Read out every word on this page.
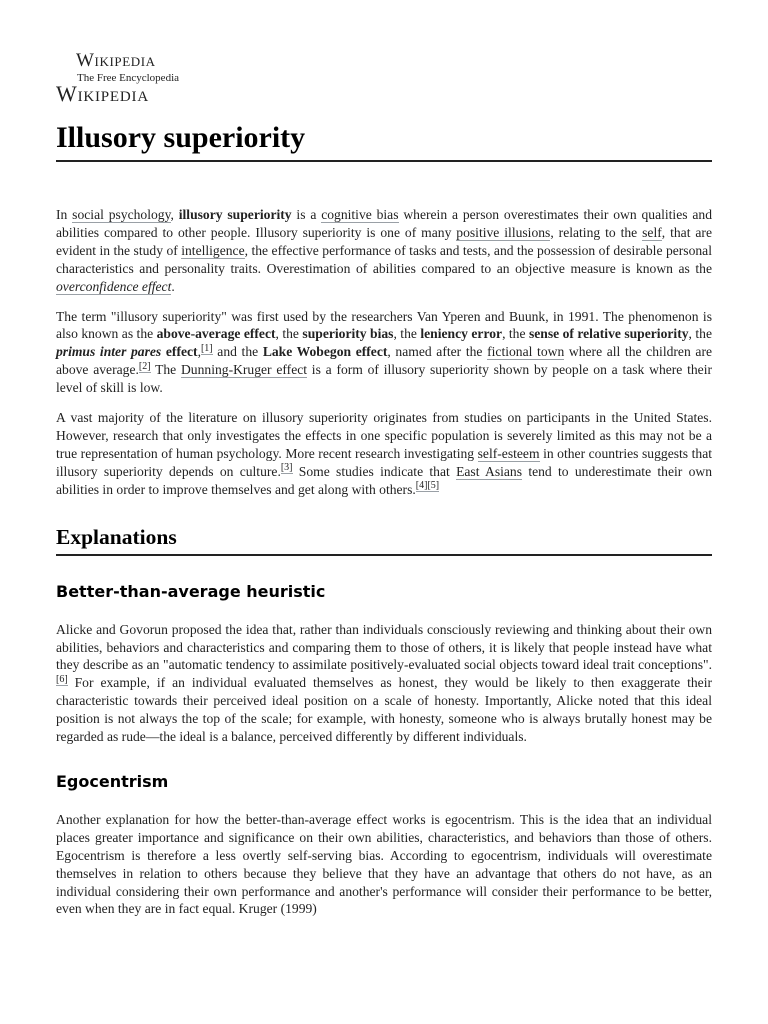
Wikipedia
The Free Encyclopedia
Wikipedia
Illusory superiority

In social psychology, illusory superiority is a cognitive bias wherein a person overestimates their own qualities and abilities compared to other people. Illusory superiority is one of many positive illusions, relating to the self, that are evident in the study of intelligence, the effective performance of tasks and tests, and the possession of desirable personal characteristics and personality traits. Overestimation of abilities compared to an objective measure is known as the overconfidence effect.

The term "illusory superiority" was first used by the researchers Van Yperen and Buunk, in 1991. The phenomenon is also known as the above-average effect, the superiority bias, the leniency error, the sense of relative superiority, the primus inter pares effect,[1] and the Lake Wobegon effect, named after the fictional town where all the children are above average.[2] The Dunning-Kruger effect is a form of illusory superiority shown by people on a task where their level of skill is low.

A vast majority of the literature on illusory superiority originates from studies on participants in the United States. However, research that only investigates the effects in one specific population is severely limited as this may not be a true representation of human psychology. More recent research investigating self-esteem in other countries suggests that illusory superiority depends on culture.[3] Some studies indicate that East Asians tend to underestimate their own abilities in order to improve themselves and get along with others.[4][5]

Explanations
Better-than-average heuristic

Alicke and Govorun proposed the idea that, rather than individuals consciously reviewing and thinking about their own abilities, behaviors and characteristics and comparing them to those of others, it is likely that people instead have what they describe as an "automatic tendency to assimilate positively-evaluated social objects toward ideal trait conceptions".[6] For example, if an individual evaluated themselves as honest, they would be likely to then exaggerate their characteristic towards their perceived ideal position on a scale of honesty. Importantly, Alicke noted that this ideal position is not always the top of the scale; for example, with honesty, someone who is always brutally honest may be regarded as rude—the ideal is a balance, perceived differently by different individuals.

Egocentrism

Another explanation for how the better-than-average effect works is egocentrism. This is the idea that an individual places greater importance and significance on their own abilities, characteristics, and behaviors than those of others. Egocentrism is therefore a less overtly self-serving bias. According to egocentrism, individuals will overestimate themselves in relation to others because they believe that they have an advantage that others do not have, as an individual considering their own performance and another's performance will consider their performance to be better, even when they are in fact equal. Kruger (1999)
